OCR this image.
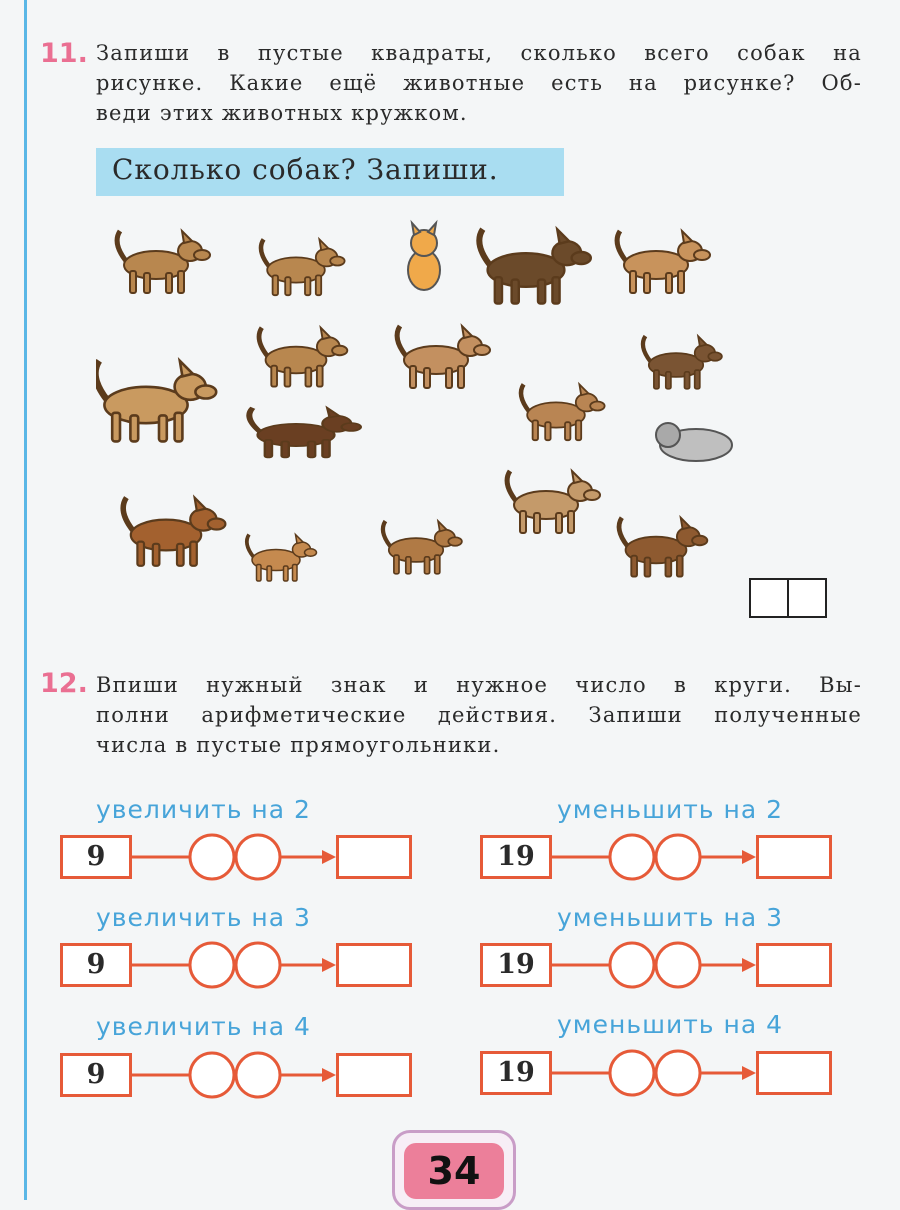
11. Запиши в пустые квадраты, сколько всего собак на
рисунке. Какие ещё животные есть на рисунке? Об-
веди этих животных кружком.
Сколько собак? Запиши.
12. Впиши нужный знак и нужное число в круги. Вы-
полни арифметические действия. Запиши полученные
числа в пустые прямоугольники.
увеличить на 2
9
уменьшить на 2
19
увеличить на 3
9
уменьшить на 3
19
увеличить на 4
9
уменьшить на 4
19
34
